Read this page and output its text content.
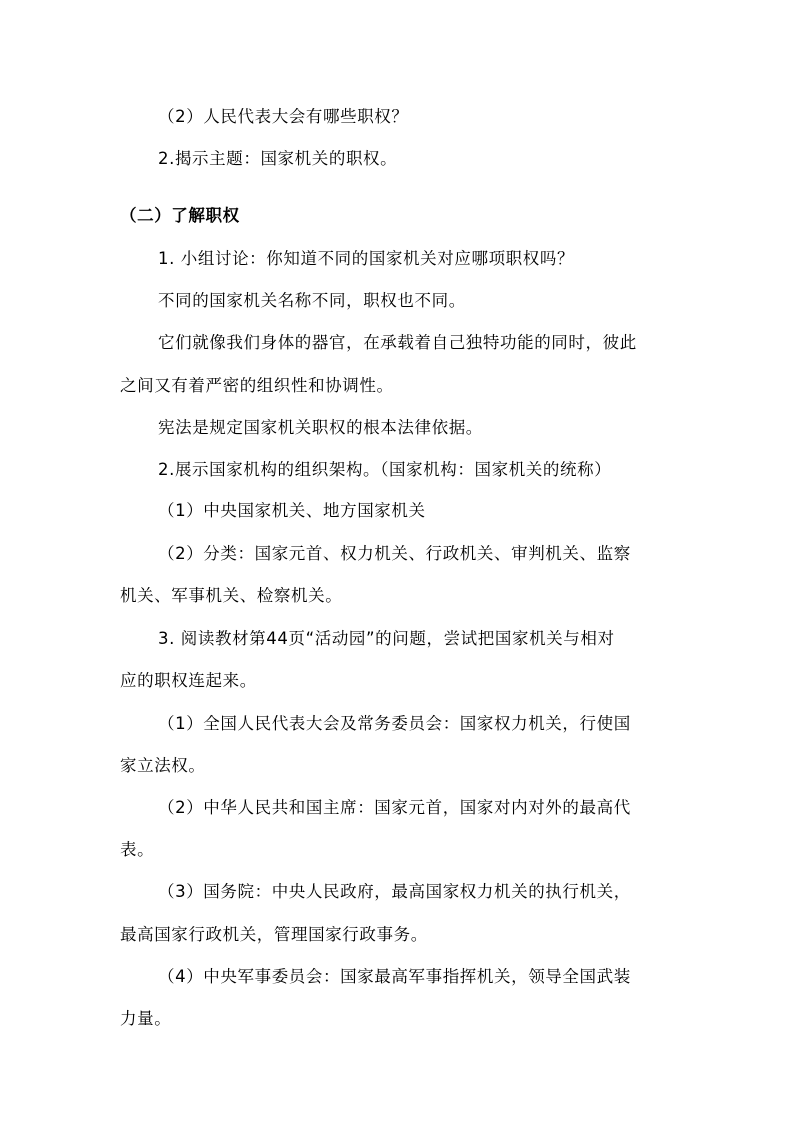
（2）人民代表大会有哪些职权？
2.揭示主题：国家机关的职权。
（二）了解职权
1. 小组讨论：你知道不同的国家机关对应哪项职权吗？
不同的国家机关名称不同，职权也不同。
它们就像我们身体的器官，在承载着自己独特功能的同时，彼此
之间又有着严密的组织性和协调性。
宪法是规定国家机关职权的根本法律依据。
2.展示国家机构的组织架构。（国家机构：国家机关的统称）
（1）中央国家机关、地方国家机关
（2）分类：国家元首、权力机关、行政机关、审判机关、监察
机关、军事机关、检察机关。
3. 阅读教材第44页“活动园”的问题，尝试把国家机关与相对
应的职权连起来。
（1）全国人民代表大会及常务委员会：国家权力机关，行使国
家立法权。
（2）中华人民共和国主席：国家元首，国家对内对外的最高代
表。
（3）国务院：中央人民政府，最高国家权力机关的执行机关，
最高国家行政机关，管理国家行政事务。
（4）中央军事委员会：国家最高军事指挥机关，领导全国武装
力量。
